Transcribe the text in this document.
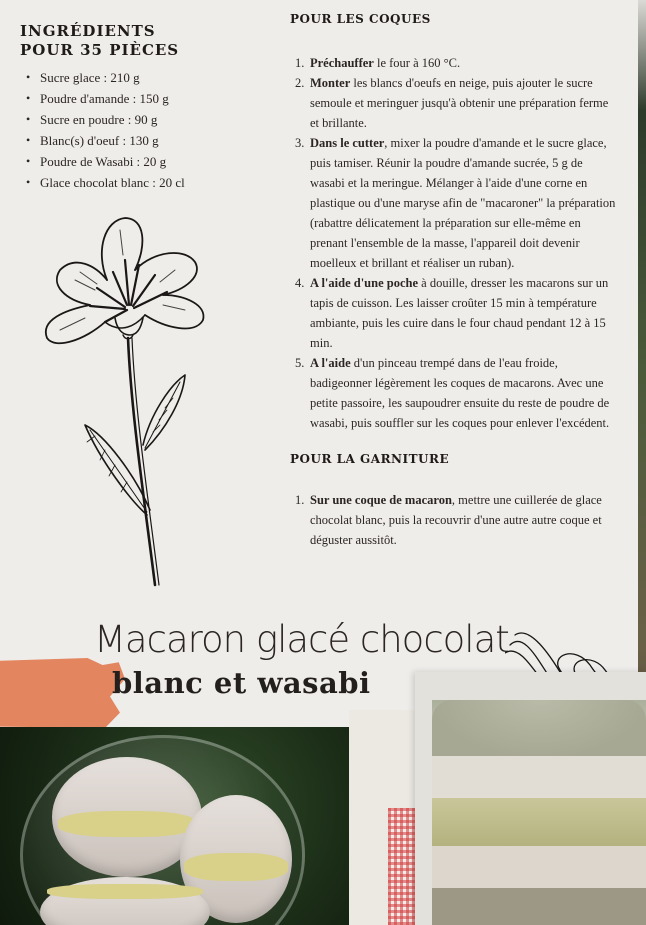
INGRÉDIENTS
POUR 35 PIÈCES
• Sucre glace : 210 g
• Poudre d'amande : 150 g
• Sucre en poudre : 90 g
• Blanc(s) d'oeuf : 130 g
• Poudre de Wasabi : 20 g
• Glace chocolat blanc : 20 cl
POUR LES COQUES
1. Préchauffer le four à 160 °C.
2. Monter les blancs d'oeufs en neige, puis ajouter le sucre semoule et meringuer jusqu'à obtenir une préparation ferme et brillante.
3. Dans le cutter, mixer la poudre d'amande et le sucre glace, puis tamiser. Réunir la poudre d'amande sucrée, 5 g de wasabi et la meringue. Mélanger à l'aide d'une corne en plastique ou d'une maryse afin de "macaroner" la préparation (rabattre délicatement la préparation sur elle-même en prenant l'ensemble de la masse, l'appareil doit devenir moelleux et brillant et réaliser un ruban).
4. A l'aide d'une poche à douille, dresser les macarons sur un tapis de cuisson. Les laisser croûter 15 min à température ambiante, puis les cuire dans le four chaud pendant 12 à 15 min.
5. A l'aide d'un pinceau trempé dans de l'eau froide, badigeonner légèrement les coques de macarons. Avec une petite passoire, les saupoudrer ensuite du reste de poudre de wasabi, puis souffler sur les coques pour enlever l'excédent.
POUR LA GARNITURE
1. Sur une coque de macaron, mettre une cuillerée de glace chocolat blanc, puis la recouvrir d'une autre autre coque et déguster aussitôt.
Macaron glacé chocolat
blanc et wasabi
